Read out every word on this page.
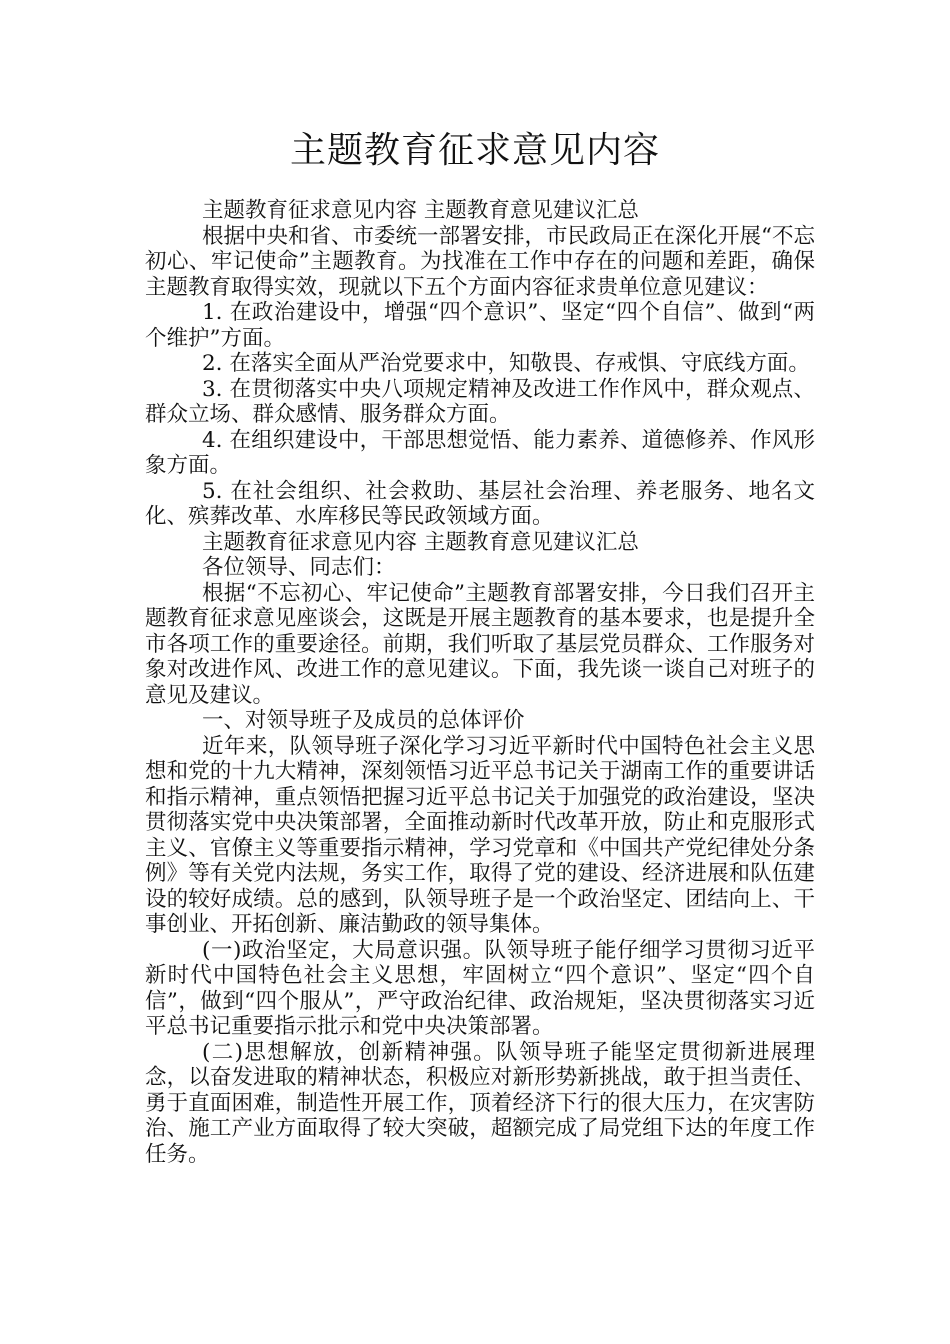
主题教育征求意见内容

主题教育征求意见内容 主题教育意见建议汇总

根据中央和省、市委统一部署安排，市民政局正在深化开展“不忘初心、牢记使命”主题教育。为找准在工作中存在的问题和差距，确保主题教育取得实效，现就以下五个方面内容征求贵单位意见建议：

1. 在政治建设中，增强“四个意识”、坚定“四个自信”、做到“两个维护”方面。

2. 在落实全面从严治党要求中，知敬畏、存戒惧、守底线方面。

3. 在贯彻落实中央八项规定精神及改进工作作风中，群众观点、群众立场、群众感情、服务群众方面。

4. 在组织建设中，干部思想觉悟、能力素养、道德修养、作风形象方面。

5. 在社会组织、社会救助、基层社会治理、养老服务、地名文化、殡葬改革、水库移民等民政领域方面。

主题教育征求意见内容 主题教育意见建议汇总

各位领导、同志们：

根据“不忘初心、牢记使命”主题教育部署安排，今日我们召开主题教育征求意见座谈会，这既是开展主题教育的基本要求，也是提升全市各项工作的重要途径。前期，我们听取了基层党员群众、工作服务对象对改进作风、改进工作的意见建议。下面，我先谈一谈自己对班子的意见及建议。

一、对领导班子及成员的总体评价

近年来，队领导班子深化学习习近平新时代中国特色社会主义思想和党的十九大精神，深刻领悟习近平总书记关于湖南工作的重要讲话和指示精神，重点领悟把握习近平总书记关于加强党的政治建设，坚决贯彻落实党中央决策部署，全面推动新时代改革开放，防止和克服形式主义、官僚主义等重要指示精神，学习党章和《中国共产党纪律处分条例》等有关党内法规，务实工作，取得了党的建设、经济进展和队伍建设的较好成绩。总的感到，队领导班子是一个政治坚定、团结向上、干事创业、开拓创新、廉洁勤政的领导集体。

(一)政治坚定，大局意识强。队领导班子能仔细学习贯彻习近平新时代中国特色社会主义思想，牢固树立“四个意识”、坚定“四个自信”，做到“四个服从”，严守政治纪律、政治规矩，坚决贯彻落实习近平总书记重要指示批示和党中央决策部署。

(二)思想解放，创新精神强。队领导班子能坚定贯彻新进展理念，以奋发进取的精神状态，积极应对新形势新挑战，敢于担当责任、勇于直面困难，制造性开展工作，顶着经济下行的很大压力，在灾害防治、施工产业方面取得了较大突破，超额完成了局党组下达的年度工作任务。
